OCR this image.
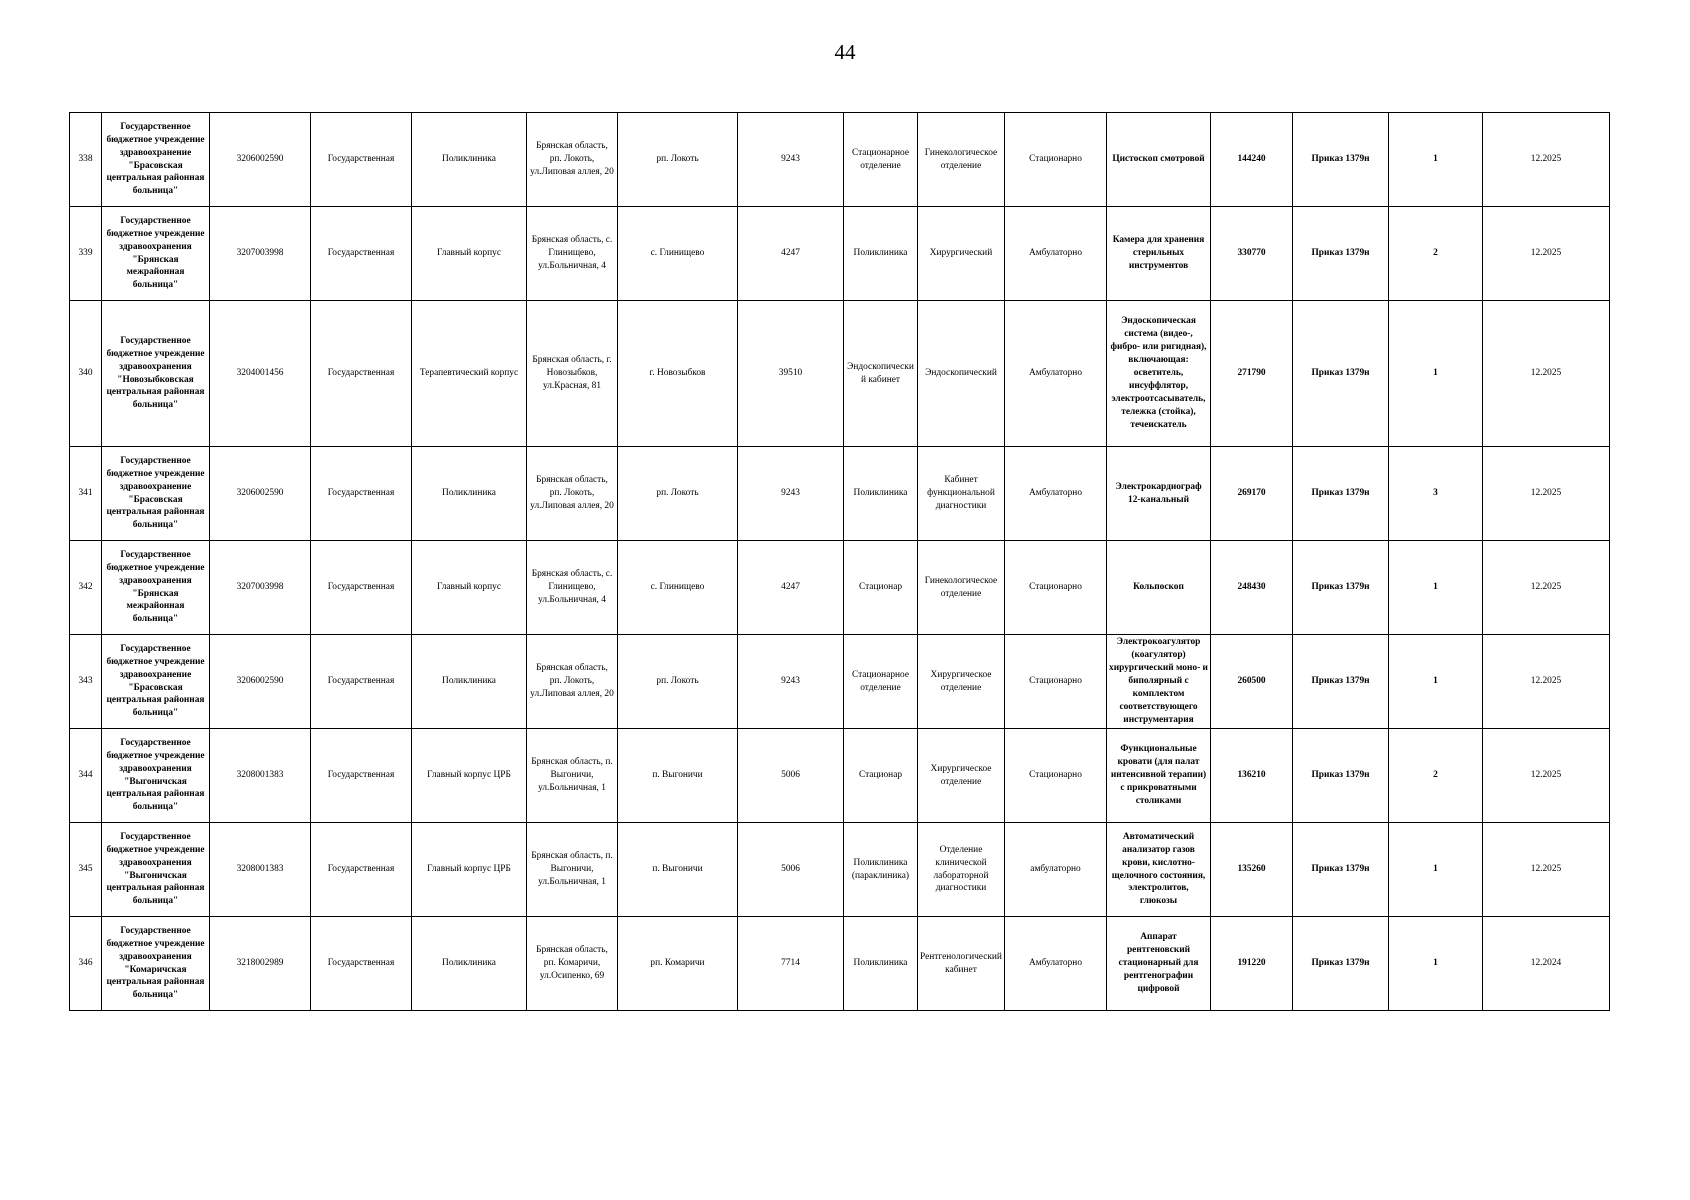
44
338	Государственное бюджетное учреждение здравоохранение "Брасовская центральная районная больница"	3206002590	Государственная	Поликлиника	Брянская область, рп. Локоть, ул.Липовая аллея, 20	рп. Локоть	9243	Стационарное отделение	Гинекологическое отделение	Стационарно	Цистоскоп смотровой	144240	Приказ 1379н	1	12.2025
339	Государственное бюджетное учреждение здравоохранения "Брянская межрайонная больница"	3207003998	Государственная	Главный корпус	Брянская область, с. Глинищево, ул.Больничная, 4	с. Глинищево	4247	Поликлиника	Хирургический	Амбулаторно	Камера для хранения стерильных инструментов	330770	Приказ 1379н	2	12.2025
340	Государственное бюджетное учреждение здравоохранения "Новозыбковская центральная районная больница"	3204001456	Государственная	Терапевтический корпус	Брянская область, г. Новозыбков, ул.Красная, 81	г. Новозыбков	39510	Эндоскопический кабинет	Эндоскопический	Амбулаторно	Эндоскопическая система (видео-, фибро- или ригидная), включающая: осветитель, инсуффлятор, электроотсасыватель, тележка (стойка), течеискатель	271790	Приказ 1379н	1	12.2025
341	Государственное бюджетное учреждение здравоохранение "Брасовская центральная районная больница"	3206002590	Государственная	Поликлиника	Брянская область, рп. Локоть, ул.Липовая аллея, 20	рп. Локоть	9243	Поликлиника	Кабинет функциональной диагностики	Амбулаторно	Электрокардиограф 12-канальный	269170	Приказ 1379н	3	12.2025
342	Государственное бюджетное учреждение здравоохранения "Брянская межрайонная больница"	3207003998	Государственная	Главный корпус	Брянская область, с. Глинищево, ул.Больничная, 4	с. Глинищево	4247	Стационар	Гинекологическое отделение	Стационарно	Кольпоскоп	248430	Приказ 1379н	1	12.2025
343	Государственное бюджетное учреждение здравоохранение "Брасовская центральная районная больница"	3206002590	Государственная	Поликлиника	Брянская область, рп. Локоть, ул.Липовая аллея, 20	рп. Локоть	9243	Стационарное отделение	Хирургическое отделение	Стационарно	Электрокоагулятор (коагулятор) хирургический моно- и биполярный с комплектом соответствующего инструментария	260500	Приказ 1379н	1	12.2025
344	Государственное бюджетное учреждение здравоохранения "Выгоничская центральная районная больница"	3208001383	Государственная	Главный корпус ЦРБ	Брянская область, п. Выгоничи, ул.Больничная, 1	п. Выгоничи	5006	Стационар	Хирургическое отделение	Стационарно	Функциональные кровати (для палат интенсивной терапии) с прикроватными столиками	136210	Приказ 1379н	2	12.2025
345	Государственное бюджетное учреждение здравоохранения "Выгоничская центральная районная больница"	3208001383	Государственная	Главный корпус ЦРБ	Брянская область, п. Выгоничи, ул.Больничная, 1	п. Выгоничи	5006	Поликлиника (параклиника)	Отделение клинической лабораторной диагностики	амбулаторно	Автоматический анализатор газов крови, кислотно-щелочного состояния, электролитов, глюкозы	135260	Приказ 1379н	1	12.2025
346	Государственное бюджетное учреждение здравоохранения "Комаричская центральная районная больница"	3218002989	Государственная	Поликлиника	Брянская область, рп. Комаричи, ул.Осипенко, 69	рп. Комаричи	7714	Поликлиника	Рентгенологический кабинет	Амбулаторно	Аппарат рентгеновский стационарный для рентгенографии цифровой	191220	Приказ 1379н	1	12.2024
